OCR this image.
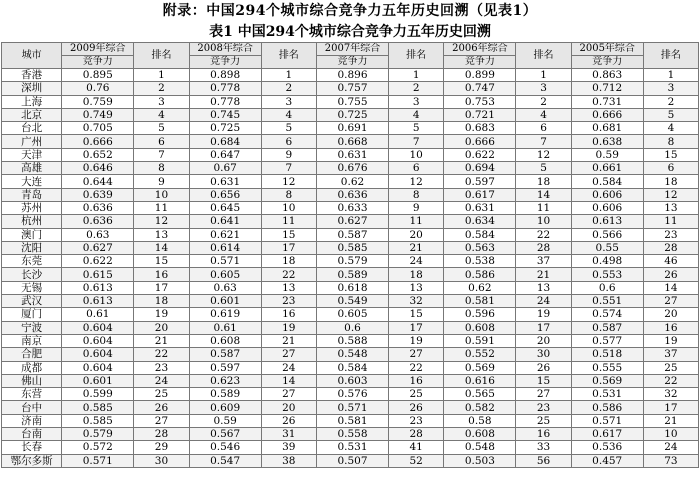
附录：中国294个城市综合竞争力五年历史回溯（见表1）
表1 中国294个城市综合竞争力五年历史回溯
城市	2009年综合	排名	2008年综合	排名	2007年综合	排名	2006年综合	排名	2005年综合	排名
	竞争力		竞争力		竞争力		竞争力		竞争力	
香港	0.895	1	0.898	1	0.896	1	0.899	1	0.863	1
深圳	0.76	2	0.778	2	0.757	2	0.747	3	0.712	3
上海	0.759	3	0.778	3	0.755	3	0.753	2	0.731	2
北京	0.749	4	0.745	4	0.725	4	0.721	4	0.666	5
台北	0.705	5	0.725	5	0.691	5	0.683	6	0.681	4
广州	0.666	6	0.684	6	0.668	7	0.666	7	0.638	8
天津	0.652	7	0.647	9	0.631	10	0.622	12	0.59	15
高雄	0.646	8	0.67	7	0.676	6	0.694	5	0.661	6
大连	0.644	9	0.631	12	0.62	12	0.597	18	0.584	18
青岛	0.639	10	0.656	8	0.636	8	0.617	14	0.606	12
苏州	0.636	11	0.645	10	0.633	9	0.631	11	0.606	13
杭州	0.636	12	0.641	11	0.627	11	0.634	10	0.613	11
澳门	0.63	13	0.621	15	0.587	20	0.584	22	0.566	23
沈阳	0.627	14	0.614	17	0.585	21	0.563	28	0.55	28
东莞	0.622	15	0.571	18	0.579	24	0.538	37	0.498	46
长沙	0.615	16	0.605	22	0.589	18	0.586	21	0.553	26
无锡	0.613	17	0.63	13	0.618	13	0.62	13	0.6	14
武汉	0.613	18	0.601	23	0.549	32	0.581	24	0.551	27
厦门	0.61	19	0.619	16	0.605	15	0.596	19	0.574	20
宁波	0.604	20	0.61	19	0.6	17	0.608	17	0.587	16
南京	0.604	21	0.608	21	0.588	19	0.591	20	0.577	19
合肥	0.604	22	0.587	27	0.548	27	0.552	30	0.518	37
成都	0.604	23	0.597	24	0.584	22	0.569	26	0.555	25
佛山	0.601	24	0.623	14	0.603	16	0.616	15	0.569	22
东营	0.599	25	0.589	27	0.576	25	0.565	27	0.531	32
台中	0.585	26	0.609	20	0.571	26	0.582	23	0.586	17
济南	0.585	27	0.59	26	0.581	23	0.58	25	0.571	21
台南	0.579	28	0.567	31	0.558	28	0.608	16	0.617	10
长春	0.572	29	0.546	39	0.531	41	0.548	33	0.536	24
鄂尔多斯	0.571	30	0.547	38	0.507	52	0.503	56	0.457	73
